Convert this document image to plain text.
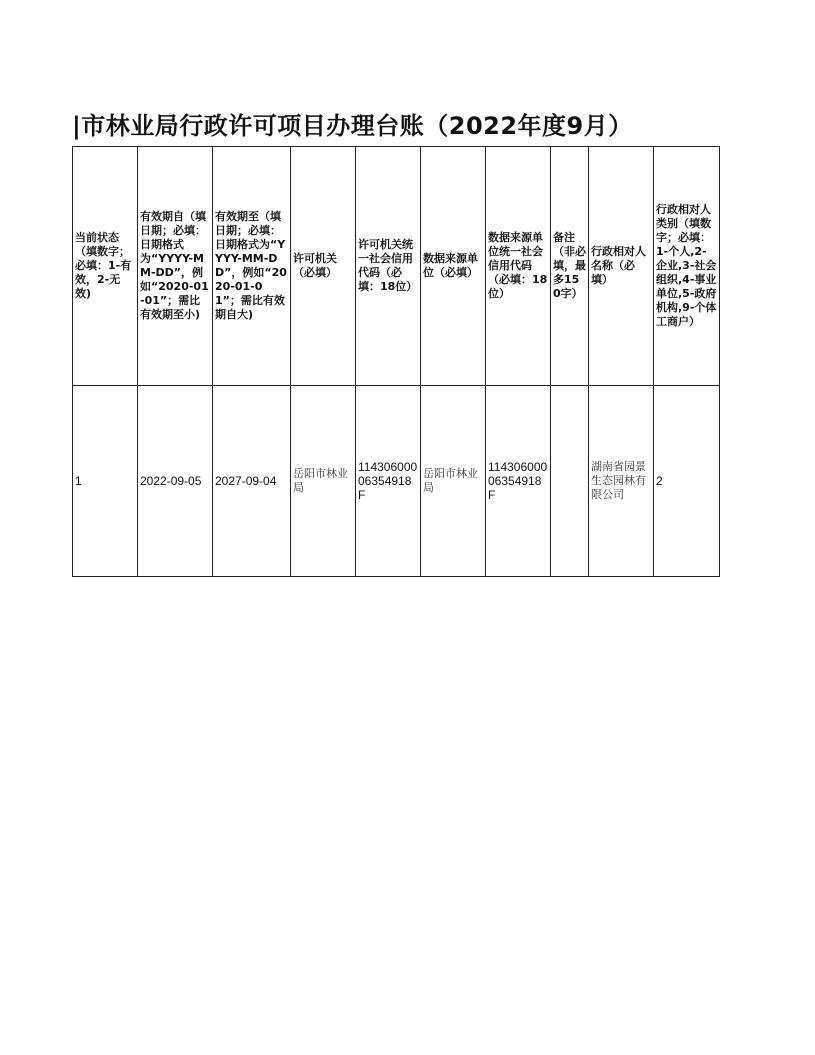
|市林业局行政许可项目办理台账（2022年度9月）
当前状态（填数字；必填：1-有效，2-无效)	有效期自（填日期；必填：日期格式为“YYYY-MM-DD”，例如“2020-01-01”；需比有效期至小)	有效期至（填日期；必填：日期格式为“YYYY-MM-DD”，例如“2020-01-01”；需比有效期自大)	许可机关（必填）	许可机关统一社会信用代码（必填：18位）	数据来源单位（必填）	数据来源单位统一社会信用代码（必填：18位）	备注（非必填，最多150字）	行政相对人名称（必填）	行政相对人类别（填数字；必填：1-个人,2-企业,3-社会组织,4-事业单位,5-政府机构,9-个体工商户）
1	2022-09-05	2027-09-04	岳阳市林业局	11430600006354918F	岳阳市林业局	11430600006354918F		湖南省园景生态园林有限公司	2
